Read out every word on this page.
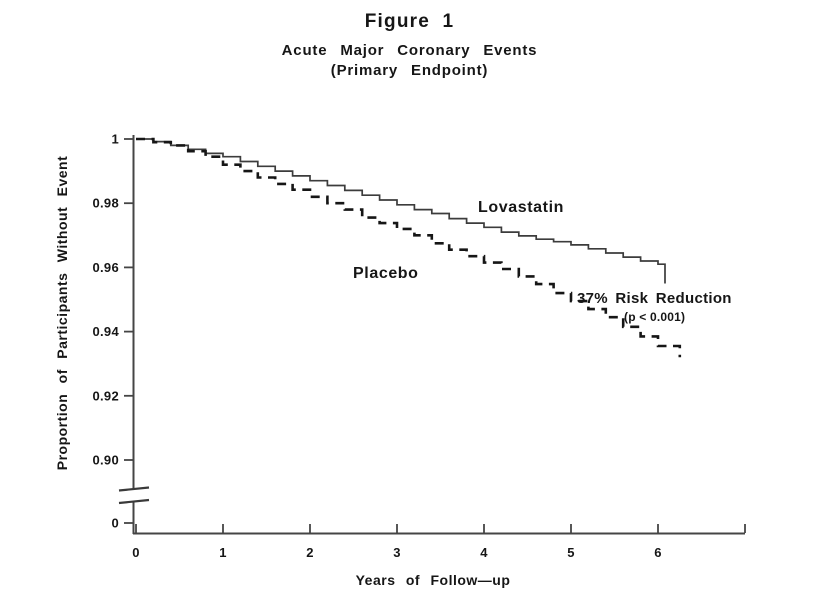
Figure 1
Acute Major Coronary Events
(Primary Endpoint)
1
0.98
0.96
0.94
0.92
0.90
0
0	1	2	3	4	5	6
Lovastatin
Placebo
37% Risk Reduction
(p < 0.001)
Proportion of Participants Without Event
Years of Follow—up
